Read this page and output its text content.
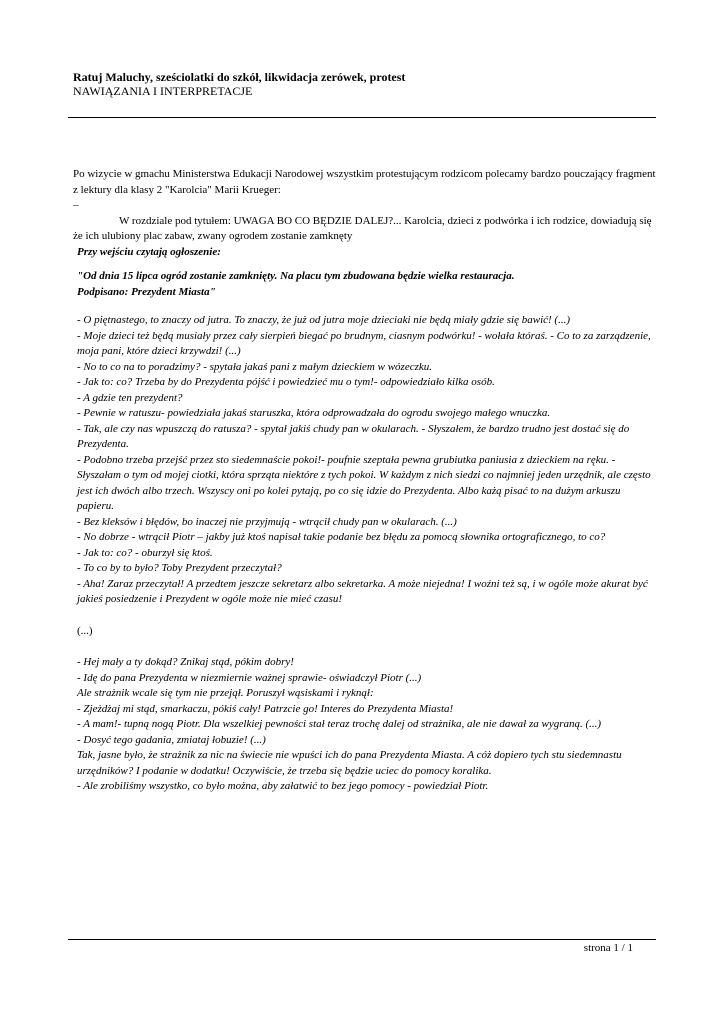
Ratuj Maluchy, sześciolatki do szkół, likwidacja zerówek, protest
NAWIĄZANIA I INTERPRETACJE

Po wizycie w gmachu Ministerstwa Edukacji Narodowej wszystkim protestującym rodzicom polecamy bardzo pouczający fragment z lektury dla klasy 2 "Karolcia" Marii Krueger:

–

W rozdziale pod tytułem: UWAGA BO CO BĘDZIE DALEJ?... Karolcia, dzieci z podwórka i ich rodzice, dowiadują się że ich ulubiony plac zabaw, zwany ogrodem zostanie zamknęty

Przy wejściu czytają ogłoszenie:

"Od dnia 15 lipca ogród zostanie zamknięty. Na placu tym zbudowana będzie wielka restauracja.

Podpisano: Prezydent Miasta"

- O piętnastego, to znaczy od jutra. To znaczy, że już od jutra moje dzieciaki nie będą miały gdzie się bawić! (...)

- Moje dzieci też będą musiały przez cały sierpień biegać po brudnym, ciasnym podwórku! - wołała któraś. - Co to za zarządzenie, moja pani, które dzieci krzywdzi! (...)

- No to co na to poradzimy? - spytała jakaś pani z małym dzieckiem w wózeczku.

- Jak to: co? Trzeba by do Prezydenta pójść i powiedzieć mu o tym!- odpowiedziało kilka osób.

- A gdzie ten prezydent?

- Pewnie w ratuszu- powiedziała jakaś staruszka, która odprowadzała do ogrodu swojego małego wnuczka.

- Tak, ale czy nas wpuszczą do ratusza? - spytał jakiś chudy pan w okularach. - Słyszałem, że bardzo trudno jest dostać się do Prezydenta.

- Podobno trzeba przejść przez sto siedemnaście pokoi!- poufnie szeptała pewna grubiutka paniusia z dzieckiem na ręku. - Słyszałam o tym od mojej ciotki, która sprząta niektóre z tych pokoi. W każdym z nich siedzi co najmniej jeden urzędnik, ale często jest ich dwóch albo trzech. Wszyscy oni po kolei pytają, po co się idzie do Prezydenta. Albo każą pisać to na dużym arkuszu papieru.

- Bez kleksów i błędów, bo inaczej nie przyjmują - wtrącił chudy pan w okularach. (...)

- No dobrze - wtrącił Piotr – jakby już ktoś napisał takie podanie bez błędu za pomocą słownika ortograficznego, to co?

- Jak to: co? - oburzył się ktoś.

- To co by to było? Toby Prezydent przeczytał?

- Aha! Zaraz przeczytał! A przedtem jeszcze sekretarz albo sekretarka. A może niejedna! I woźni też są, i w ogóle może akurat być jakieś posiedzenie i Prezydent w ogóle może nie mieć czasu!

(...)

- Hej mały a ty dokąd? Znikaj stąd, pókim dobry!

- Idę do pana Prezydenta w niezmiernie ważnej sprawie- oświadczył Piotr (...)

Ale strażnik wcale się tym nie przejął. Poruszył wąsiskami i ryknął:

- Zjeżdżaj mi stąd, smarkaczu, pókiś cały! Patrzcie go! Interes do Prezydenta Miasta!

- A mam!- tupną nogą Piotr. Dla wszelkiej pewności stał teraz trochę dalej od strażnika, ale nie dawał za wygraną. (...)

- Dosyć tego gadania, zmiataj łobuzie! (...)

Tak, jasne było, że strażnik za nic na świecie nie wpuści ich do pana Prezydenta Miasta. A cóż dopiero tych stu siedemnastu urzędników? I podanie w dodatku! Oczywiście, że trzeba się będzie uciec do pomocy koralika.

- Ale zrobiliśmy wszystko, co było można, aby załatwić to bez jego pomocy - powiedział Piotr.

strona 1 / 1
